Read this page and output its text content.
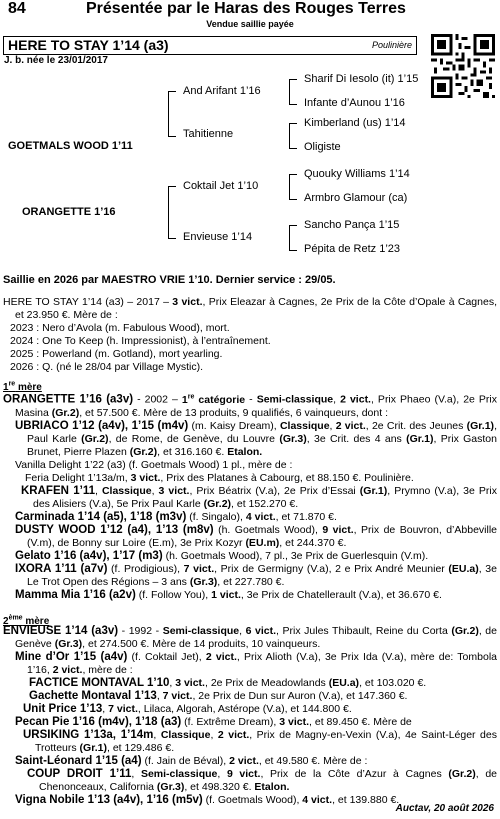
84	Présentée par le Haras des Rouges Terres
Vendue saillie payée
HERE TO STAY 1’14 (a3)	Poulinière
J. b. née le 23/01/2017
GOETMALS WOOD 1’11
And Arifant 1’16
Sharif Di Iesolo (it) 1’15
Infante d’Aunou 1’16
Tahitienne
Kimberland (us) 1’14
Oligiste
ORANGETTE 1’16
Coktail Jet 1’10
Quouky Williams 1’14
Armbro Glamour (ca)
Envieuse 1’14
Sancho Pança 1’15
Pépita de Retz 1’23
Saillie en 2026 par MAESTRO VRIE 1’10. Dernier service : 29/05.

HERE TO STAY 1’14 (a3) – 2017 – 3 vict., Prix Eleazar à Cagnes, 2e Prix de la Côte d’Opale à Cagnes, et 23.950 €. Mère de :

2023 : Nero d’Avola (m. Fabulous Wood), mort.

2024 : One To Keep (h. Impressionist), à l’entraînement.

2025 : Powerland (m. Gotland), mort yearling.

2026 : Q. (né le 28/04 par Village Mystic).

1re mère

ORANGETTE 1’16 (a3v) - 2002 – 1re catégorie - Semi-classique, 2 vict., Prix Phaeo (V.a), 2e Prix Masina (Gr.2), et 57.500 €. Mère de 13 produits, 9 qualifiés, 6 vainqueurs, dont :

UBRIACO 1’12 (a4v), 1’15 (m4v) (m. Kaisy Dream), Classique, 2 vict., 2e Crit. des Jeunes (Gr.1), Paul Karle (Gr.2), de Rome, de Genève, du Louvre (Gr.3), 3e Crit. des 4 ans (Gr.1), Prix Gaston Brunet, Pierre Plazen (Gr.2), et 316.160 €. Etalon.

Vanilla Delight 1’22 (a3) (f. Goetmals Wood) 1 pl., mère de :

Feria Delight 1’13a/m, 3 vict., Prix des Platanes à Cabourg, et 88.150 €. Poulinière.

KRAFEN 1’11, Classique, 3 vict., Prix Béatrix (V.a), 2e Prix d’Essai (Gr.1), Prymno (V.a), 3e Prix des Alisiers (V.a), 5e Prix Paul Karle (Gr.2), et 152.270 €.

Carminada 1’14 (a5), 1’18 (m3v) (f. Singalo), 4 vict., et 71.870 €.

DUSTY WOOD 1’12 (a4), 1’13 (m8v) (h. Goetmals Wood), 9 vict., Prix de Bouvron, d’Abbeville (V.m), de Bonny sur Loire (E.m), 3e Prix Kozyr (EU.m), et 244.370 €.

Gelato 1’16 (a4v), 1’17 (m3) (h. Goetmals Wood), 7 pl., 3e Prix de Guerlesquin (V.m).

IXORA 1’11 (a7v) (f. Prodigious), 7 vict., Prix de Germigny (V.a), 2 e Prix André Meunier (EU.a), 3e Le Trot Open des Régions – 3 ans (Gr.3), et 227.780 €.

Mamma Mia 1’16 (a2v) (f. Follow You), 1 vict., 3e Prix de Chatellerault (V.a), et 36.670 €.

2ème mère

ENVIEUSE 1’14 (a3v) - 1992 - Semi-classique, 6 vict., Prix Jules Thibault, Reine du Corta (Gr.2), de Genève (Gr.3), et 274.500 €. Mère de 14 produits, 10 vainqueurs.

Mine d’Or 1’15 (a4v) (f. Coktail Jet), 2 vict., Prix Alioth (V.a), 3e Prix Ida (V.a), mère de: Tombola 1’16, 2 vict., mère de :

FACTICE MONTAVAL 1’10, 3 vict., 2e Prix de Meadowlands (EU.a), et 103.020 €.

Gachette Montaval 1’13, 7 vict., 2e Prix de Dun sur Auron (V.a), et 147.360 €.

Unit Price 1’13, 7 vict., Lilaca, Algorah, Astérope (V.a), et 144.800 €.

Pecan Pie 1’16 (m4v), 1’18 (a3) (f. Extrême Dream), 3 vict., et 89.450 €. Mère de

URSIKING 1’13a, 1’14m, Classique, 2 vict., Prix de Magny-en-Vexin (V.a), 4e Saint-Léger des Trotteurs (Gr.1), et 129.486 €.

Saint-Léonard 1’15 (a4) (f. Jain de Béval), 2 vict., et 49.580 €. Mère de :

COUP DROIT 1’11, Semi-classique, 9 vict., Prix de la Côte d’Azur à Cagnes (Gr.2), de Chenonceaux, California (Gr.3), et 498.320 €. Etalon.

Vigna Nobile 1’13 (a4v), 1’16 (m5v) (f. Goetmals Wood), 4 vict., et 139.880 €.

Auctav, 20 août 2026
